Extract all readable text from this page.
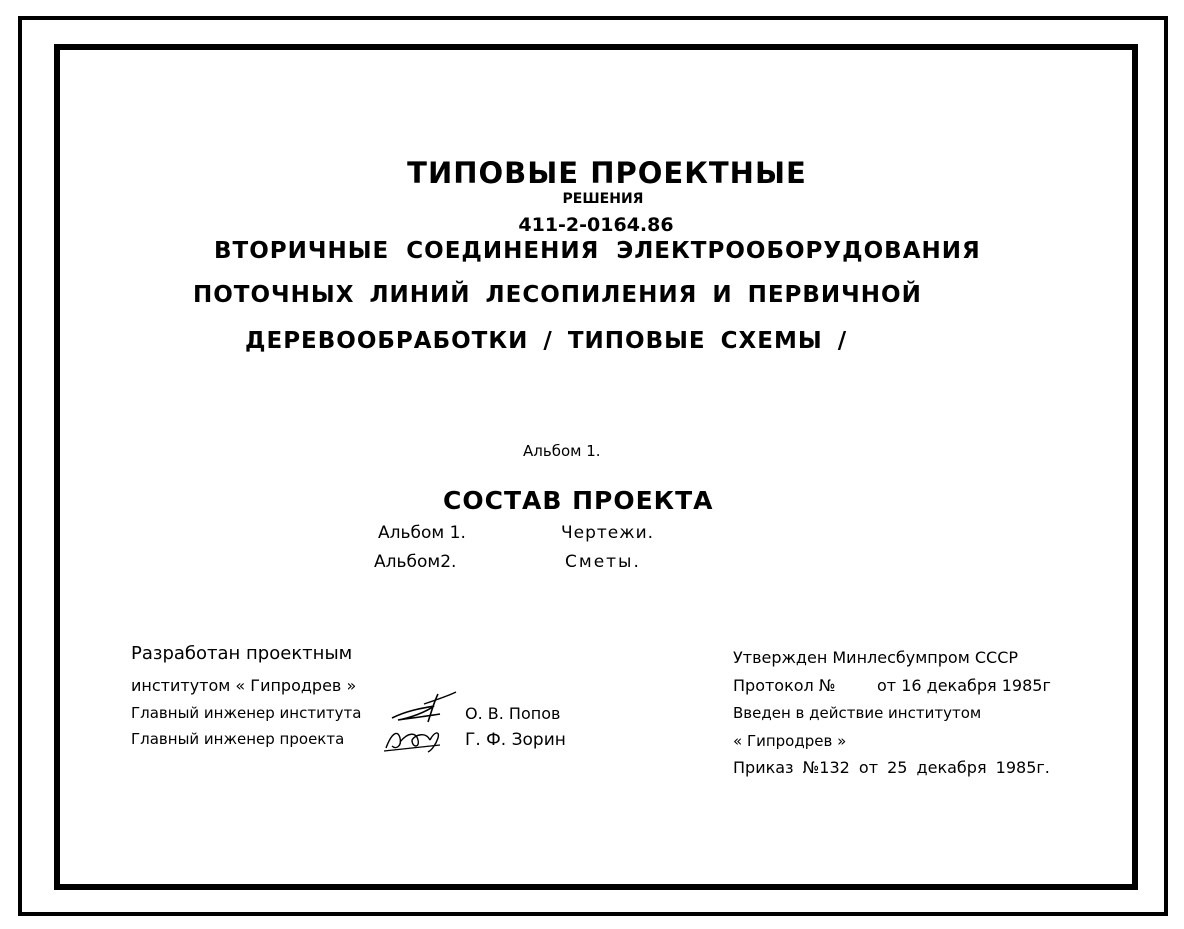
ТИПОВЫЕ ПРОЕКТНЫЕ
РЕШЕНИЯ
411-2-0164.86
ВТОРИЧНЫЕ СОЕДИНЕНИЯ ЭЛЕКТРООБОРУДОВАНИЯ
ПОТОЧНЫХ ЛИНИЙ ЛЕСОПИЛЕНИЯ И ПЕРВИЧНОЙ
ДЕРЕВООБРАБОТКИ / ТИПОВЫЕ СХЕМЫ /
Альбом 1.
СОСТАВ ПРОЕКТА
Альбом 1.	Чертежи.
Альбом2.	Сметы.
Разработан проектным
институтом « Гипродрев »
Главный инженер института	О. В. Попов
Главный инженер проекта	Г. Ф. Зорин
Утвержден Минлесбумпром СССР
Протокол №	от 16 декабря 1985г
Введен в действие институтом
« Гипродрев »
Приказ №132 от 25 декабря 1985г.
